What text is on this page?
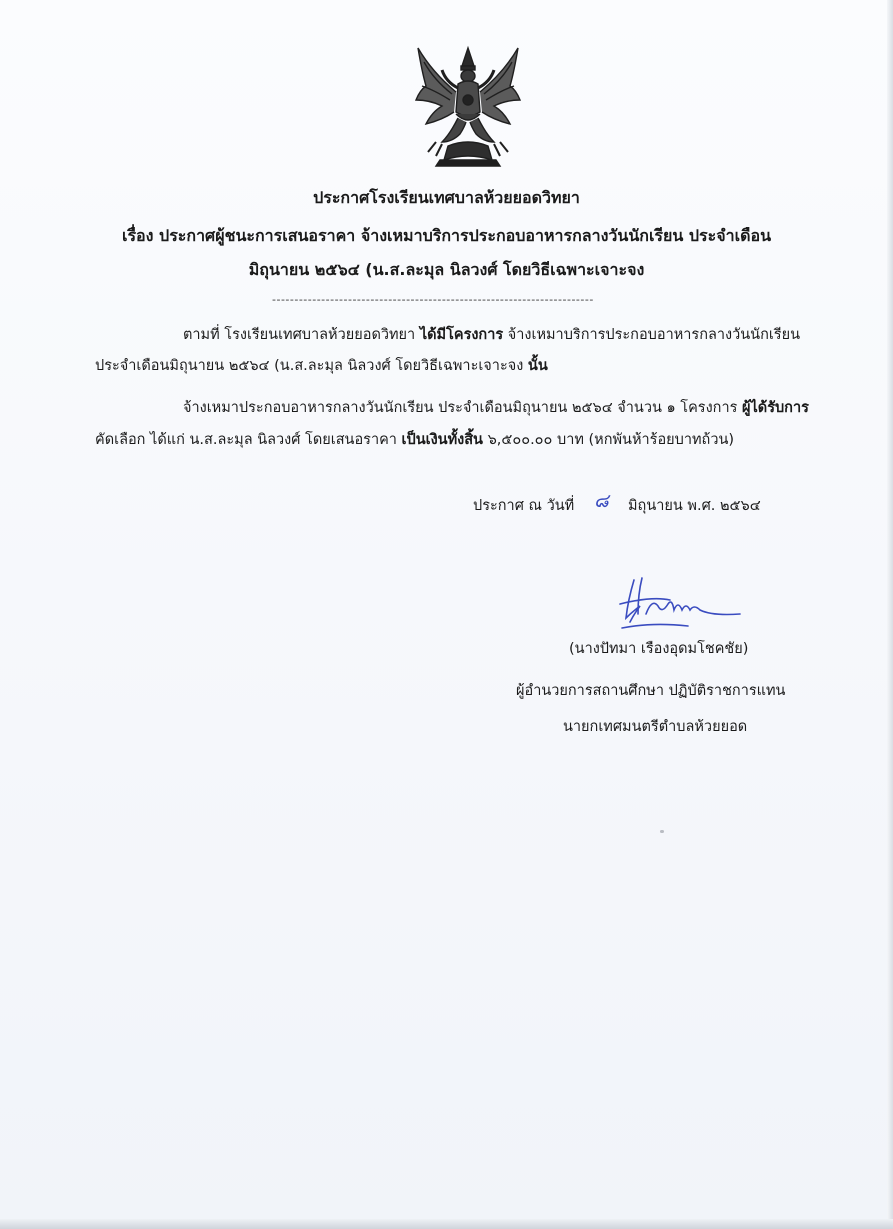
ประกาศโรงเรียนเทศบาลห้วยยอดวิทยา
เรื่อง ประกาศผู้ชนะการเสนอราคา จ้างเหมาบริการประกอบอาหารกลางวันนักเรียน ประจำเดือน
มิถุนายน ๒๕๖๔ (น.ส.ละมุล นิลวงศ์ โดยวิธีเฉพาะเจาะจง
------------------------------------------------------------------------
ตามที่ โรงเรียนเทศบาลห้วยยอดวิทยา ได้มีโครงการ จ้างเหมาบริการประกอบอาหารกลางวันนักเรียน
ประจำเดือนมิถุนายน ๒๕๖๔ (น.ส.ละมุล นิลวงศ์ โดยวิธีเฉพาะเจาะจง นั้น
จ้างเหมาประกอบอาหารกลางวันนักเรียน ประจำเดือนมิถุนายน ๒๕๖๔ จำนวน ๑ โครงการ ผู้ได้รับการ
คัดเลือก ได้แก่ น.ส.ละมุล นิลวงศ์ โดยเสนอราคา เป็นเงินทั้งสิ้น ๖,๕๐๐.๐๐ บาท (หกพันห้าร้อยบาทถ้วน)
ประกาศ ณ วันที่ ๘ มิถุนายน พ.ศ. ๒๕๖๔
(นางปัทมา เรืองอุดมโชคชัย)
ผู้อำนวยการสถานศึกษา ปฏิบัติราชการแทน
นายกเทศมนตรีตำบลห้วยยอด
